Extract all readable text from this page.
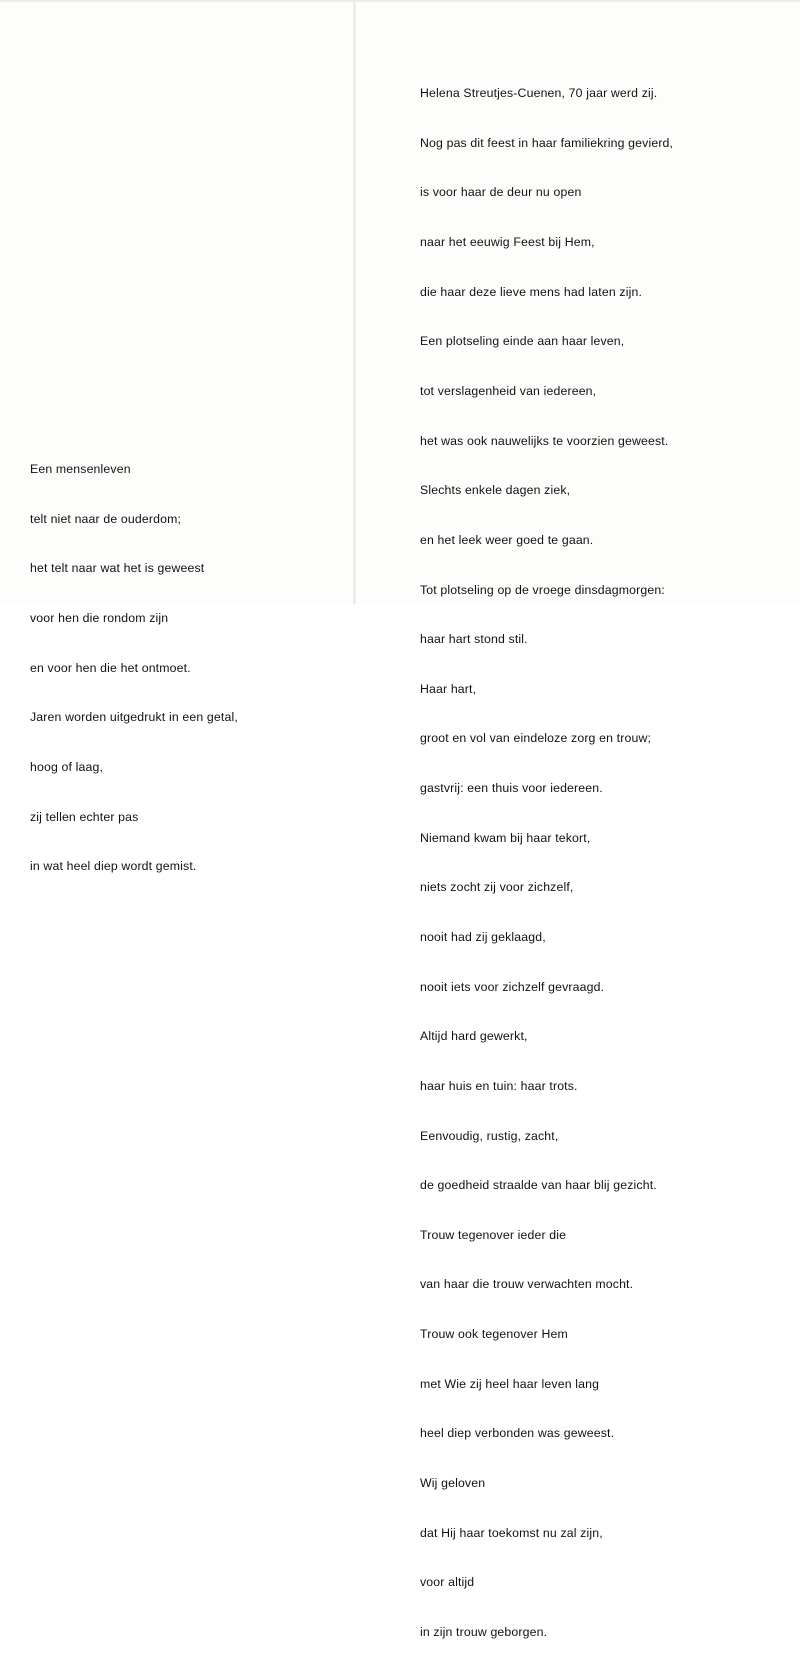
Een mensenleven

telt niet naar de ouderdom;

het telt naar wat het is geweest

voor hen die rondom zijn

en voor hen die het ontmoet.

Jaren worden uitgedrukt in een getal,

hoog of laag,

zij tellen echter pas

in wat heel diep wordt gemist.

Helena Streutjes-Cuenen, 70 jaar werd zij.

Nog pas dit feest in haar familiekring gevierd,

is voor haar de deur nu open

naar het eeuwig Feest bij Hem,

die haar deze lieve mens had laten zijn.

Een plotseling einde aan haar leven,

tot verslagenheid van iedereen,

het was ook nauwelijks te voorzien geweest.

Slechts enkele dagen ziek,

en het leek weer goed te gaan.

Tot plotseling op de vroege dinsdagmorgen:

haar hart stond stil.

Haar hart,

groot en vol van eindeloze zorg en trouw;

gastvrij: een thuis voor iedereen.

Niemand kwam bij haar tekort,

niets zocht zij voor zichzelf,

nooit had zij geklaagd,

nooit iets voor zichzelf gevraagd.

Altijd hard gewerkt,

haar huis en tuin: haar trots.

Eenvoudig, rustig, zacht,

de goedheid straalde van haar blij gezicht.

Trouw tegenover ieder die

van haar die trouw verwachten mocht.

Trouw ook tegenover Hem

met Wie zij heel haar leven lang

heel diep verbonden was geweest.

Wij geloven

dat Hij haar toekomst nu zal zijn,

voor altijd

in zijn trouw geborgen.
